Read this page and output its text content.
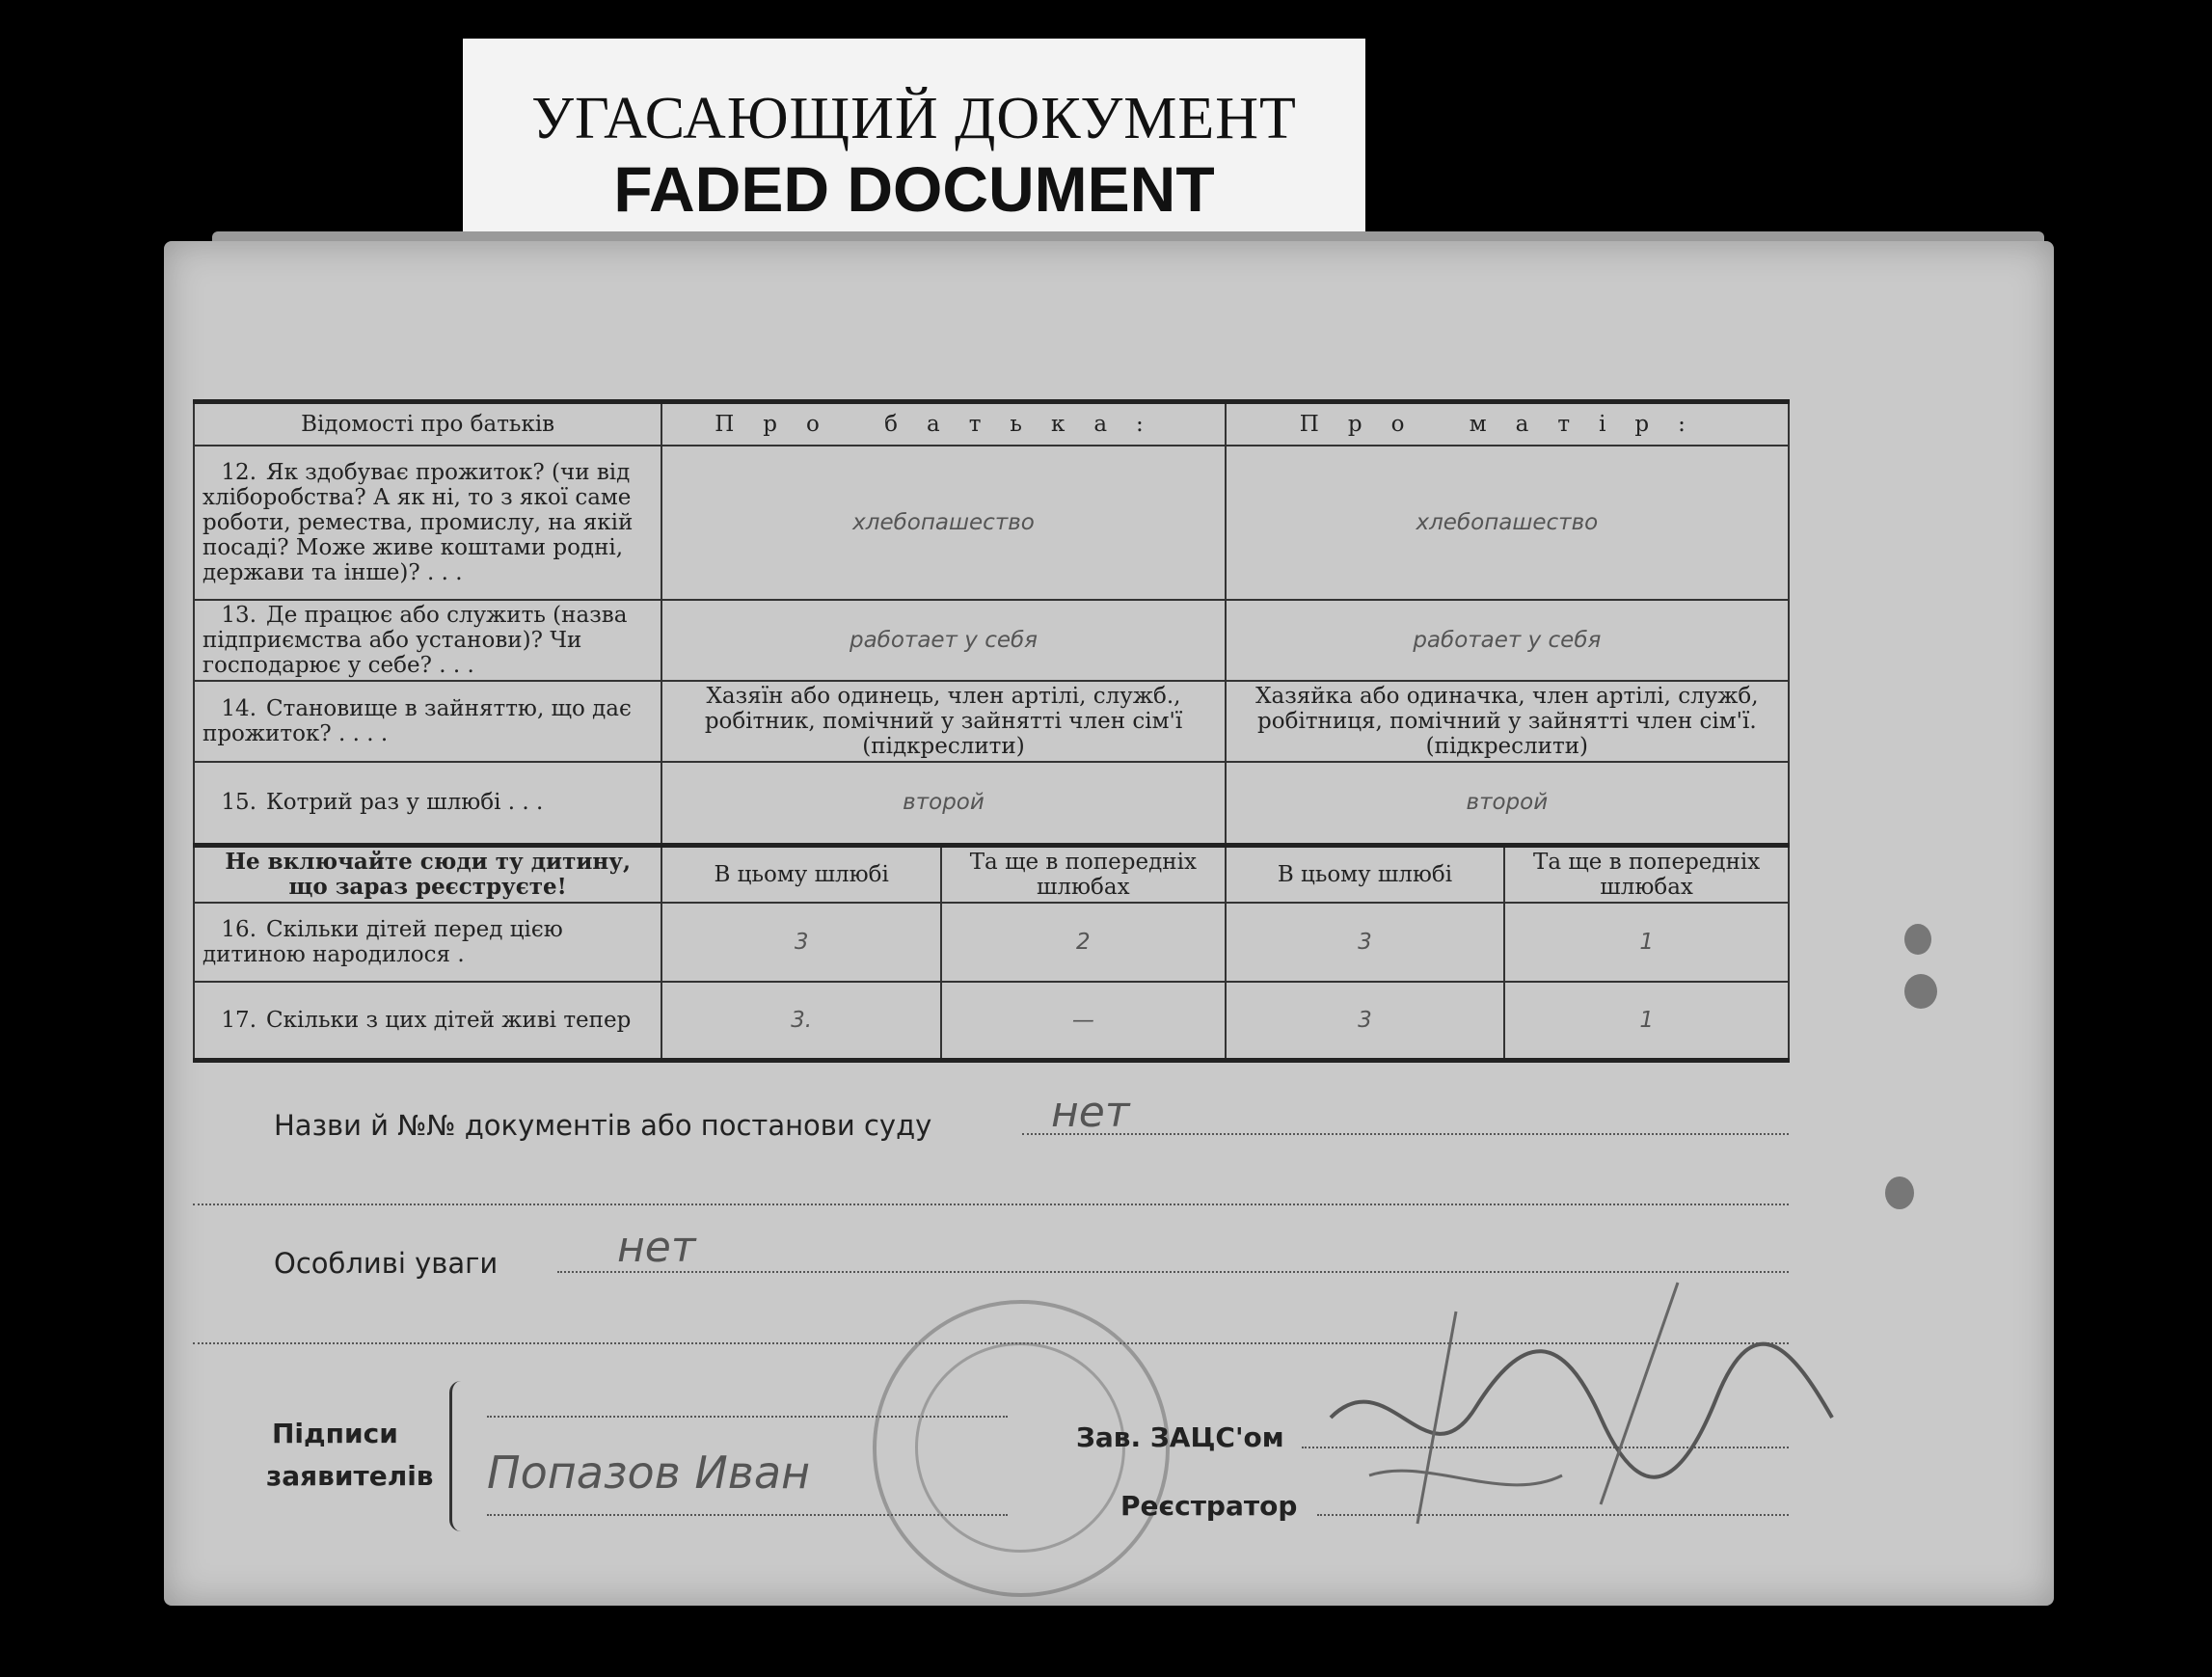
УГАСАЮЩИЙ ДОКУМЕНТ
FADED DOCUMENT
Відомості про батьків	Про батька:		Про матір:	
12. Як здобуває прожиток? (чи від хліборобства? А як ні, то з якої саме роботи, ремества, промислу, на якій посаді? Може живе коштами родні, держави та інше)? . . .	хлебопашество		хлебопашество	
13. Де працює або служить (назва підприємства або установи)? Чи господарює у себе? . . .	работает у себя		работает у себя	
14. Становище в зайняттю, що дає прожиток? . . . .	Хазяїн або одинець, член артілі, служб., робітник, помічний у зайнятті член сім'ї (підкреслити)		Хазяйка або одиначка, член артілі, служб, робітниця, помічний у зайнятті член сім'ї. (підкреслити)	
15. Котрий раз у шлюбі . . .	второй		второй	
Не включайте сюди ту дитину, що зараз реєструєте!	В цьому шлюбі	Та ще в попередніх шлюбах	В цьому шлюбі	Та ще в попередніх шлюбах
16. Скільки дітей перед цією дитиною народилося .	3	2	3	1
17. Скільки з цих дітей живі тепер	3.	—	3	1
Назви й №№ документів або постанови суду	нет
Особливі уваги	нет
Підписи
заявителів Попазов Иван
Зав. ЗАЦС'ом
Реєстратор
